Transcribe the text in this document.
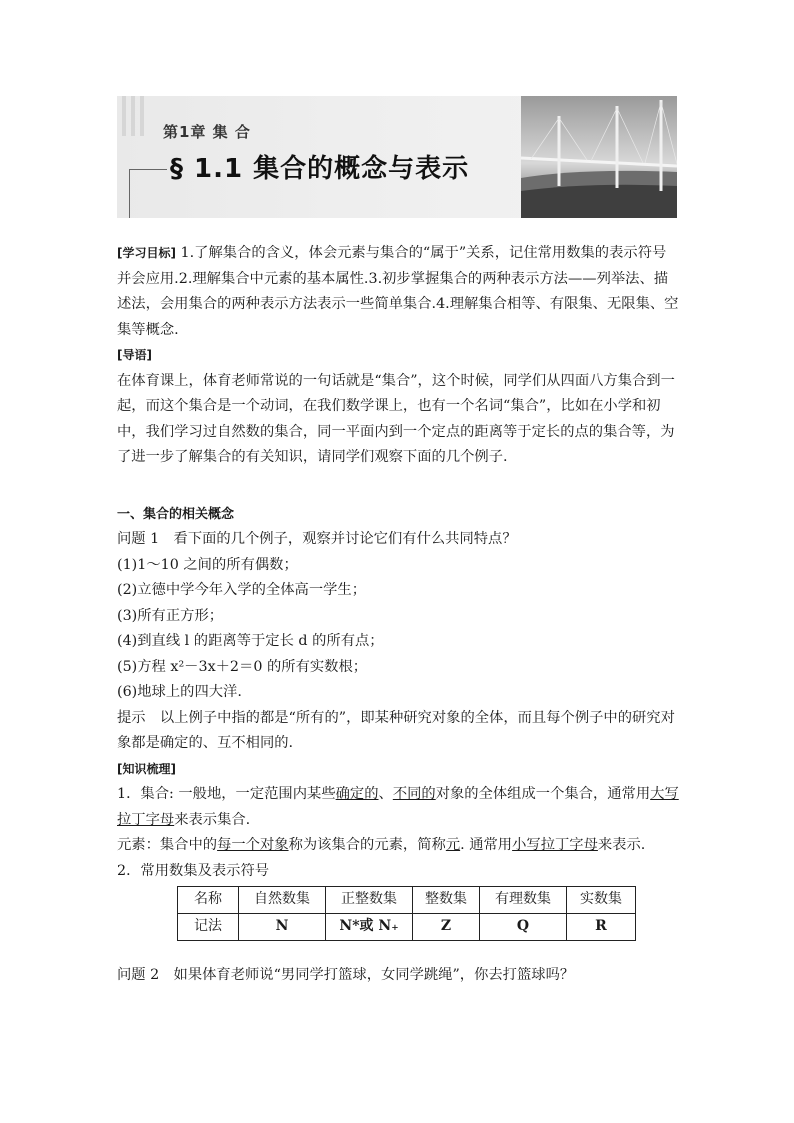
第1章 集 合
§ 1.1 集合的概念与表示

[学习目标] 1.了解集合的含义，体会元素与集合的“属于”关系，记住常用数集的表示符号并会应用.2.理解集合中元素的基本属性.3.初步掌握集合的两种表示方法——列举法、描述法，会用集合的两种表示方法表示一些简单集合.4.理解集合相等、有限集、无限集、空集等概念.

[导语]

在体育课上，体育老师常说的一句话就是“集合”，这个时候，同学们从四面八方集合到一起，而这个集合是一个动词，在我们数学课上，也有一个名词“集合”，比如在小学和初中，我们学习过自然数的集合，同一平面内到一个定点的距离等于定长的点的集合等，为了进一步了解集合的有关知识，请同学们观察下面的几个例子.

一、集合的相关概念

问题 1　看下面的几个例子，观察并讨论它们有什么共同特点？

(1)1～10 之间的所有偶数；

(2)立德中学今年入学的全体高一学生；

(3)所有正方形；

(4)到直线 l 的距离等于定长 d 的所有点；

(5)方程 x²－3x＋2＝0 的所有实数根；

(6)地球上的四大洋.

提示　以上例子中指的都是“所有的”，即某种研究对象的全体，而且每个例子中的研究对象都是确定的、互不相同的.

[知识梳理]

1．集合: 一般地，一定范围内某些确定的、不同的对象的全体组成一个集合，通常用大写拉丁字母来表示集合.

元素：集合中的每一个对象称为该集合的元素，简称元. 通常用小写拉丁字母来表示.

2．常用数集及表示符号

名称	自然数集	正整数集	整数集	有理数集	实数集
记法	N	N*或 N₊	Z	Q	R

问题 2　如果体育老师说“男同学打篮球，女同学跳绳”，你去打篮球吗？
